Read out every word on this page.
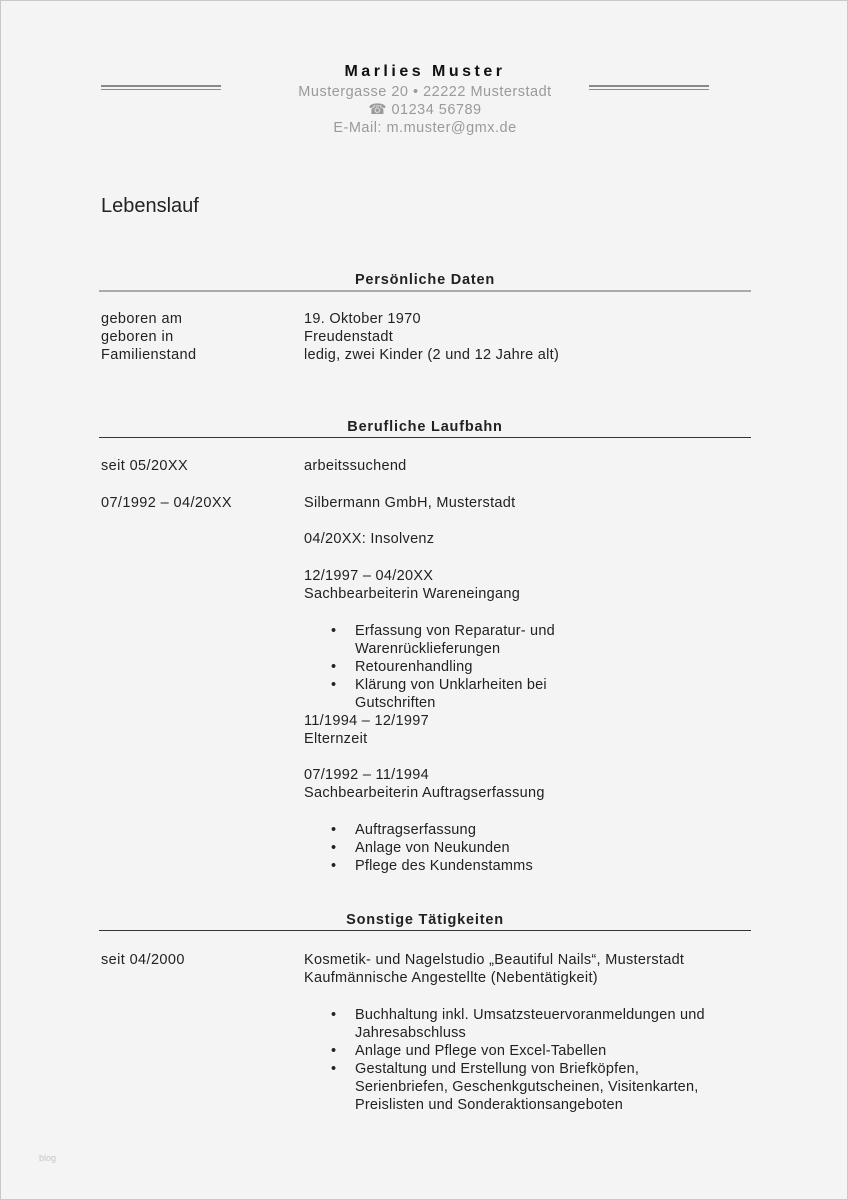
Marlies Muster
Mustergasse 20 • 22222 Musterstadt
☎ 01234 56789
E-Mail: m.muster@gmx.de
Lebenslauf
Persönliche Daten
geboren am	19. Oktober 1970
geboren in	Freudenstadt
Familienstand	ledig, zwei Kinder (2 und 12 Jahre alt)
Berufliche Laufbahn
seit 05/20XX	arbeitssuchend
07/1992 – 04/20XX	Silbermann GmbH, Musterstadt
04/20XX: Insolvenz
12/1997 – 04/20XX
Sachbearbeiterin Wareneingang
• Erfassung von Reparatur- und Warenrücklieferungen
• Retourenhandling
• Klärung von Unklarheiten bei Gutschriften
11/1994 – 12/1997
Elternzeit
07/1992 – 11/1994
Sachbearbeiterin Auftragserfassung
• Auftragserfassung
• Anlage von Neukunden
• Pflege des Kundenstamms
Sonstige Tätigkeiten
seit 04/2000	Kosmetik- und Nagelstudio „Beautiful Nails“, Musterstadt
Kaufmännische Angestellte (Nebentätigkeit)
• Buchhaltung inkl. Umsatzsteuervoranmeldungen und Jahresabschluss
• Anlage und Pflege von Excel-Tabellen
• Gestaltung und Erstellung von Briefköpfen, Serienbriefen, Geschenkgutscheinen, Visitenkarten, Preislisten und Sonderaktionsangeboten
blog
